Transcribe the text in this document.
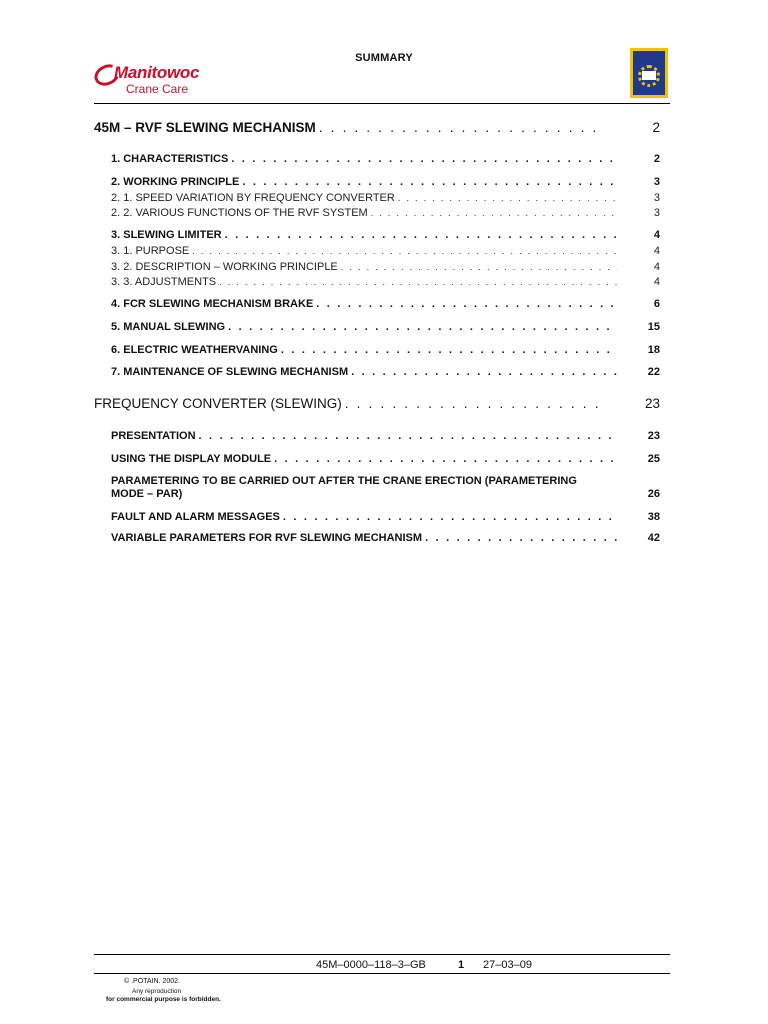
SUMMARY
Manitowoc
Crane Care
45M – RVF SLEWING MECHANISM . . .	2
1. CHARACTERISTICS . . .	2
2. WORKING PRINCIPLE . . .	3
2. 1. SPEED VARIATION BY FREQUENCY CONVERTER . . .	3
2. 2. VARIOUS FUNCTIONS OF THE RVF SYSTEM . . .	3
3. SLEWING LIMITER . . .	4
3. 1. PURPOSE . . .	4
3. 2. DESCRIPTION – WORKING PRINCIPLE . . .	4
3. 3. ADJUSTMENTS . . .	4
4. FCR SLEWING MECHANISM BRAKE . . .	6
5. MANUAL SLEWING . . .	15
6. ELECTRIC WEATHERVANING . . .	18
7. MAINTENANCE OF SLEWING MECHANISM . . .	22
FREQUENCY CONVERTER (SLEWING) . . .	23
PRESENTATION . . .	23
USING THE DISPLAY MODULE . . .	25
PARAMETERING TO BE CARRIED OUT AFTER THE CRANE ERECTION (PARAMETERING
MODE – PAR)	26
FAULT AND ALARM MESSAGES . . .	38
VARIABLE PARAMETERS FOR RVF SLEWING MECHANISM . . .	42
45M–0000–118–3–GB	1 27–03–09
© .POTAIN. 2002.
Any reproduction
for commercial purpose is forbidden.
